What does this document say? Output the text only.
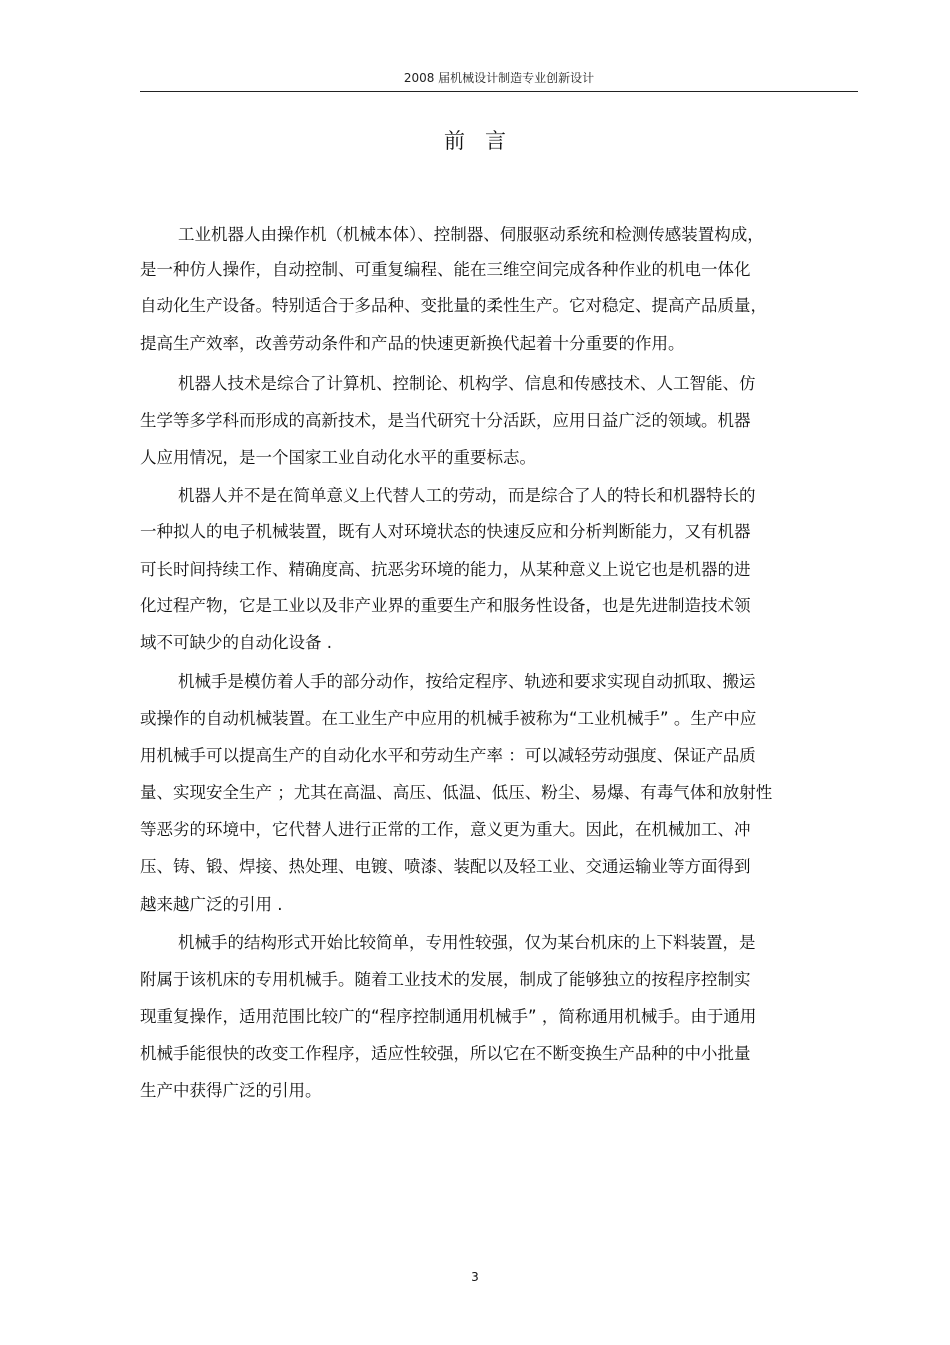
2008 届机械设计制造专业创新设计
前言
工业机器人由操作机（机械本体）、控制器、伺服驱动系统和检测传感装置构成，
是一种仿人操作，自动控制、可重复编程、能在三维空间完成各种作业的机电一体化
自动化生产设备。特别适合于多品种、变批量的柔性生产。它对稳定、提高产品质量，
提高生产效率，改善劳动条件和产品的快速更新换代起着十分重要的作用。
机器人技术是综合了计算机、控制论、机构学、信息和传感技术、人工智能、仿
生学等多学科而形成的高新技术，是当代研究十分活跃，应用日益广泛的领域。机器
人应用情况，是一个国家工业自动化水平的重要标志。
机器人并不是在简单意义上代替人工的劳动，而是综合了人的特长和机器特长的
一种拟人的电子机械装置，既有人对环境状态的快速反应和分析判断能力，又有机器
可长时间持续工作、精确度高、抗恶劣环境的能力，从某种意义上说它也是机器的进
化过程产物，它是工业以及非产业界的重要生产和服务性设备，也是先进制造技术领
域不可缺少的自动化设备 .
机械手是模仿着人手的部分动作，按给定程序、轨迹和要求实现自动抓取、搬运
或操作的自动机械装置。在工业生产中应用的机械手被称为“工业机械手” 。生产中应
用机械手可以提高生产的自动化水平和劳动生产率 ：可以减轻劳动强度、保证产品质
量、实现安全生产 ；尤其在高温、高压、低温、低压、粉尘、易爆、有毒气体和放射性
等恶劣的环境中，它代替人进行正常的工作，意义更为重大。因此，在机械加工、冲
压、铸、锻、焊接、热处理、电镀、喷漆、装配以及轻工业、交通运输业等方面得到
越来越广泛的引用 .
机械手的结构形式开始比较简单，专用性较强，仅为某台机床的上下料装置，是
附属于该机床的专用机械手。随着工业技术的发展，制成了能够独立的按程序控制实
现重复操作，适用范围比较广的“程序控制通用机械手” ，简称通用机械手。由于通用
机械手能很快的改变工作程序，适应性较强，所以它在不断变换生产品种的中小批量
生产中获得广泛的引用。
3
